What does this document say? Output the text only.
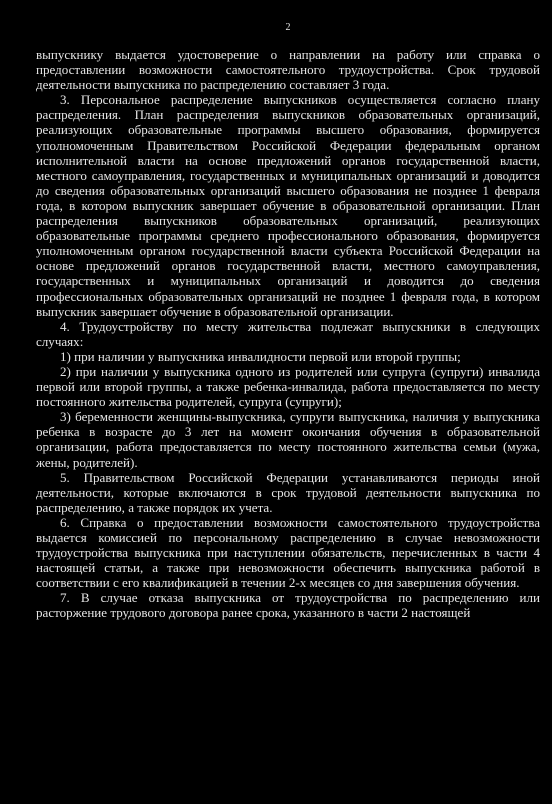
2

выпускнику выдается удостоверение о направлении на работу или справка о предоставлении возможности самостоятельного трудоустройства. Срок трудовой деятельности выпускника по распределению составляет 3 года.

3. Персональное распределение выпускников осуществляется согласно плану распределения. План распределения выпускников образовательных организаций, реализующих образовательные программы высшего образования, формируется уполномоченным Правительством Российской Федерации федеральным органом исполнительной власти на основе предложений органов государственной власти, местного самоуправления, государственных и муниципальных организаций и доводится до сведения образовательных организаций высшего образования не позднее 1 февраля года, в котором выпускник завершает обучение в образовательной организации. План распределения выпускников образовательных организаций, реализующих образовательные программы среднего профессионального образования, формируется уполномоченным органом государственной власти субъекта Российской Федерации на основе предложений органов государственной власти, местного самоуправления, государственных и муниципальных организаций и доводится до сведения профессиональных образовательных организаций не позднее 1 февраля года, в котором выпускник завершает обучение в образовательной организации.

4. Трудоустройству по месту жительства подлежат выпускники в следующих случаях:

1) при наличии у выпускника инвалидности первой или второй группы;

2) при наличии у выпускника одного из родителей или супруга (супруги) инвалида первой или второй группы, а также ребенка-инвалида, работа предоставляется по месту постоянного жительства родителей, супруга (супруги);

3) беременности женщины-выпускника, супруги выпускника, наличия у выпускника ребенка в возрасте до 3 лет на момент окончания обучения в образовательной организации, работа предоставляется по месту постоянного жительства семьи (мужа, жены, родителей).

5. Правительством Российской Федерации устанавливаются периоды иной деятельности, которые включаются в срок трудовой деятельности выпускника по распределению, а также порядок их учета.

6. Справка о предоставлении возможности самостоятельного трудоустройства выдается комиссией по персональному распределению в случае невозможности трудоустройства выпускника при наступлении обязательств, перечисленных в части 4 настоящей статьи, а также при невозможности обеспечить выпускника работой в соответствии с его квалификацией в течении 2-х месяцев со дня завершения обучения.

7. В случае отказа выпускника от трудоустройства по распределению или расторжение трудового договора ранее срока, указанного в части 2 настоящей
